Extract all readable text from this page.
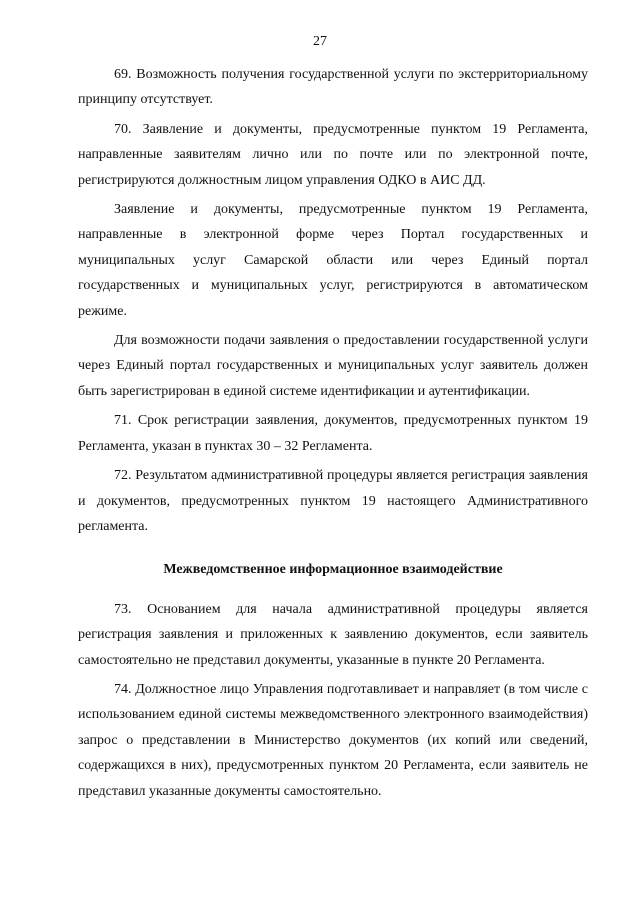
27

69. Возможность получения государственной услуги по экстерриториальному принципу отсутствует.

70. Заявление и документы, предусмотренные пунктом 19 Регламента, направленные заявителям лично или по почте или по электронной почте, регистрируются должностным лицом управления ОДКО в АИС ДД.

Заявление и документы, предусмотренные пунктом 19 Регламента, направленные в электронной форме через Портал государственных и муниципальных услуг Самарской области или через Единый портал государственных и муниципальных услуг, регистрируются в автоматическом режиме.

Для возможности подачи заявления о предоставлении государственной услуги через Единый портал государственных и муниципальных услуг заявитель должен быть зарегистрирован в единой системе идентификации и аутентификации.

71. Срок регистрации заявления, документов, предусмотренных пунктом 19 Регламента, указан в пунктах 30 – 32 Регламента.

72. Результатом административной процедуры является регистрация заявления и документов, предусмотренных пунктом 19 настоящего Административного регламента.

Межведомственное информационное взаимодействие

73. Основанием для начала административной процедуры является регистрация заявления и приложенных к заявлению документов, если заявитель самостоятельно не представил документы, указанные в пункте 20 Регламента.

74. Должностное лицо Управления подготавливает и направляет (в том числе с использованием единой системы межведомственного электронного взаимодействия) запрос о представлении в Министерство документов (их копий или сведений, содержащихся в них), предусмотренных пунктом 20 Регламента, если заявитель не представил указанные документы самостоятельно.
